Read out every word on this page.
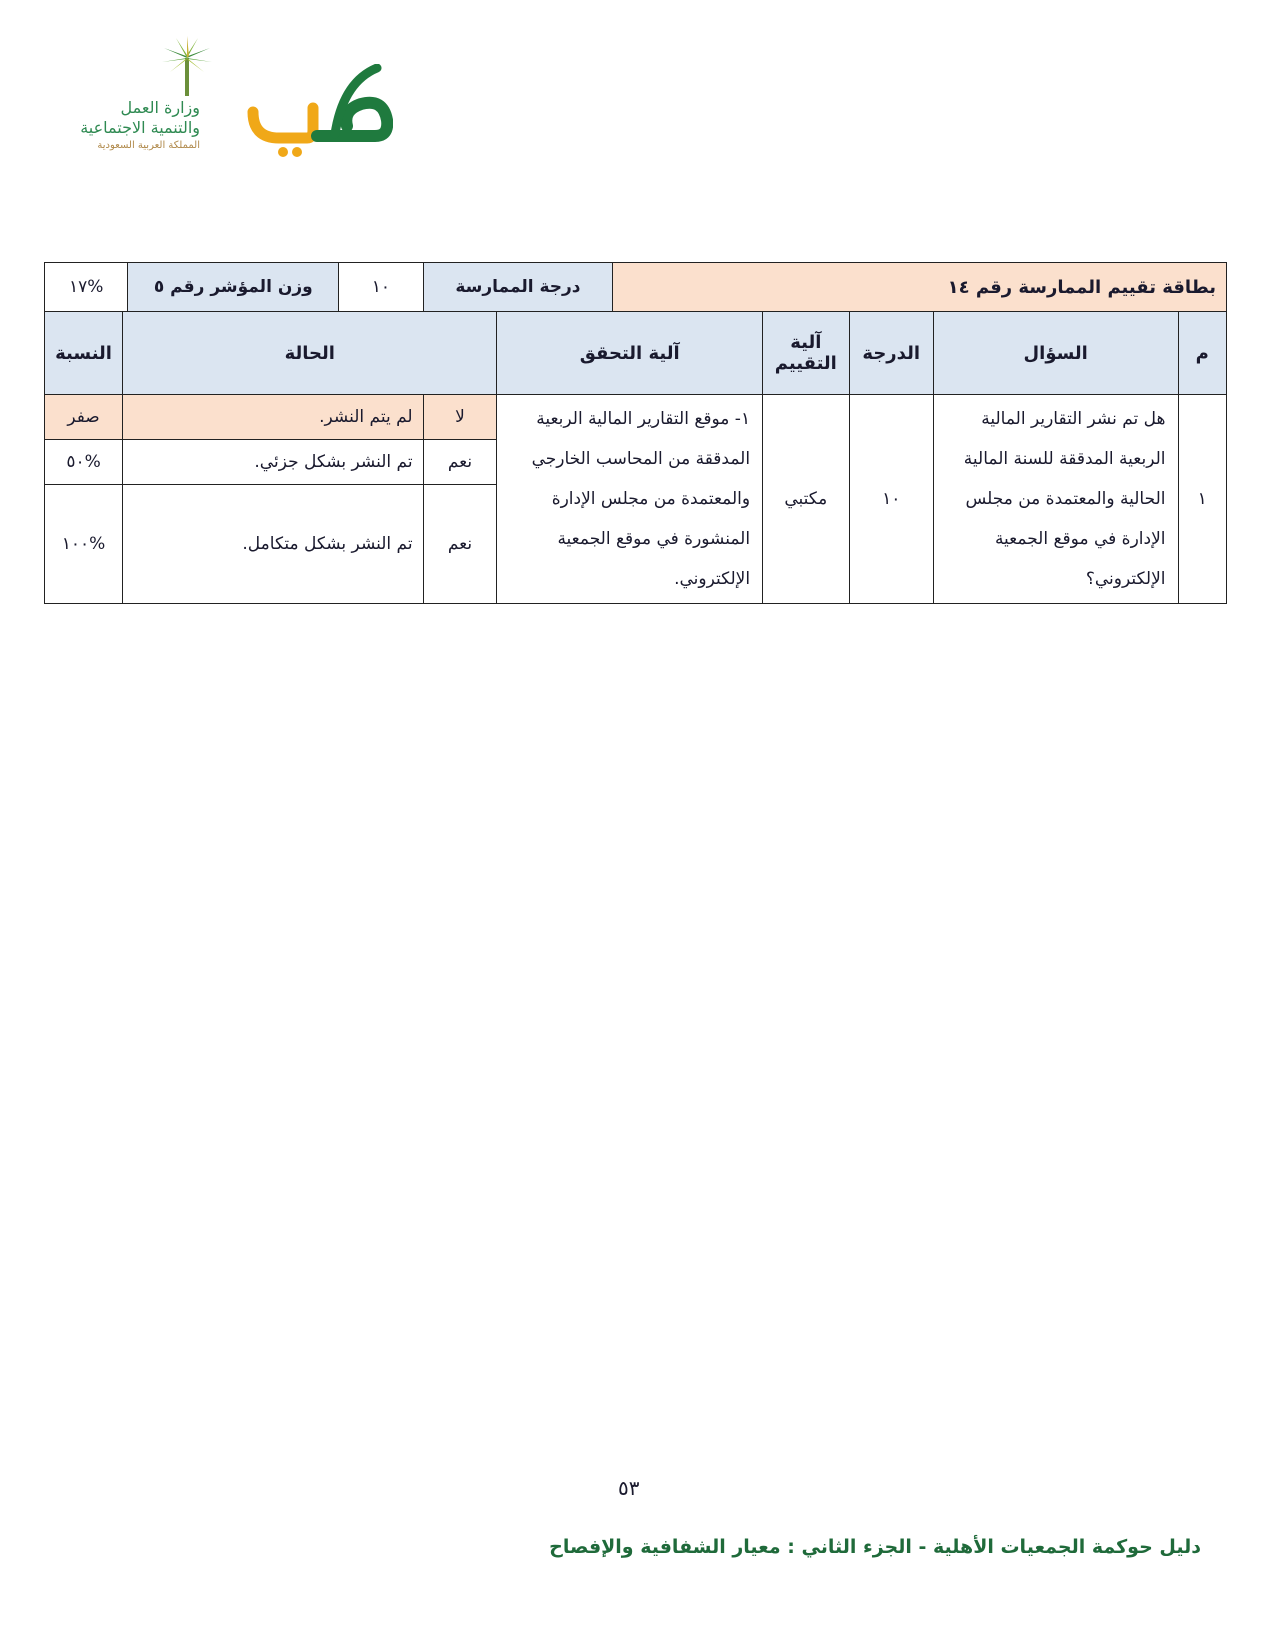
وزارة العمل
والتنمية الاجتماعية
المملكة العربية السعودية
بطاقة تقييم الممارسة رقم ١٤	درجة الممارسة	١٠	وزن المؤشر رقم ٥	%١٧
م	السؤال	الدرجة	آلية التقييم	آلية التحقق	الحالة		النسبة
١	هل تم نشر التقارير المالية الربعية المدققة للسنة المالية الحالية والمعتمدة من مجلس الإدارة في موقع الجمعية الإلكتروني؟	١٠	مكتبي	١- موقع التقارير المالية الربعية المدققة من المحاسب الخارجي والمعتمدة من مجلس الإدارة المنشورة في موقع الجمعية الإلكتروني.	لا	لم يتم النشر.	صفر
					نعم	تم النشر بشكل جزئي.	%٥٠
					نعم	تم النشر بشكل متكامل.	%١٠٠
٥٣
دليل حوكمة الجمعيات الأهلية - الجزء الثاني : معيار الشفافية والإفصاح
